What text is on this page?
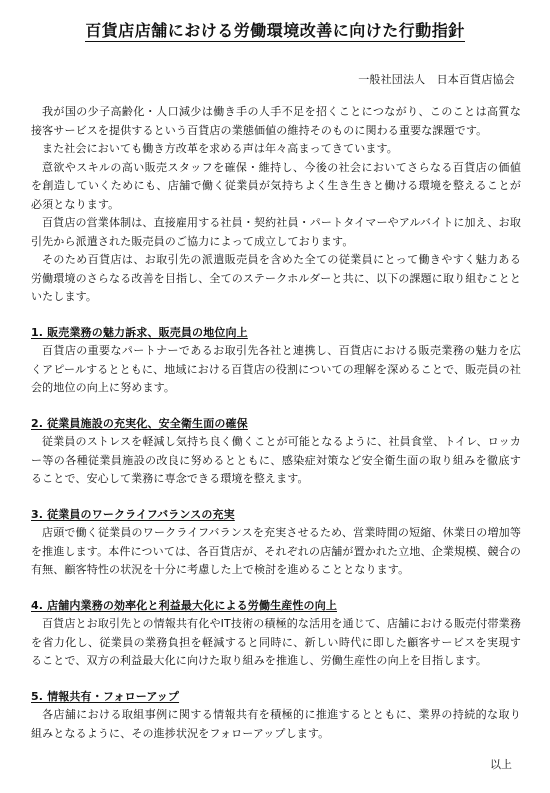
百貨店店舗における労働環境改善に向けた行動指針
一般社団法人　日本百貨店協会

我が国の少子高齢化・人口減少は働き手の人手不足を招くことにつながり、このことは高質な接客サービスを提供するという百貨店の業態価値の維持そのものに関わる重要な課題です。

また社会においても働き方改革を求める声は年々高まってきています。

意欲やスキルの高い販売スタッフを確保・維持し、今後の社会においてさらなる百貨店の価値を創造していくためにも、店舗で働く従業員が気持ちよく生き生きと働ける環境を整えることが必須となります。

百貨店の営業体制は、直接雇用する社員・契約社員・パートタイマーやアルバイトに加え、お取引先から派遣された販売員のご協力によって成立しております。

そのため百貨店は、お取引先の派遣販売員を含めた全ての従業員にとって働きやすく魅力ある労働環境のさらなる改善を目指し、全てのステークホルダーと共に、以下の課題に取り組むことといたします。

1. 販売業務の魅力訴求、販売員の地位向上

百貨店の重要なパートナーであるお取引先各社と連携し、百貨店における販売業務の魅力を広くアピールするとともに、地域における百貨店の役割についての理解を深めることで、販売員の社会的地位の向上に努めます。

2. 従業員施設の充実化、安全衛生面の確保

従業員のストレスを軽減し気持ち良く働くことが可能となるように、社員食堂、トイレ、ロッカー等の各種従業員施設の改良に努めるとともに、感染症対策など安全衛生面の取り組みを徹底することで、安心して業務に専念できる環境を整えます。

3. 従業員のワークライフバランスの充実

店頭で働く従業員のワークライフバランスを充実させるため、営業時間の短縮、休業日の増加等を推進します。本件については、各百貨店が、それぞれの店舗が置かれた立地、企業規模、競合の有無、顧客特性の状況を十分に考慮した上で検討を進めることとなります。

4. 店舗内業務の効率化と利益最大化による労働生産性の向上

百貨店とお取引先との情報共有化やIT技術の積極的な活用を通じて、店舗における販売付帯業務を省力化し、従業員の業務負担を軽減すると同時に、新しい時代に即した顧客サービスを実現することで、双方の利益最大化に向けた取り組みを推進し、労働生産性の向上を目指します。

5. 情報共有・フォローアップ

各店舗における取組事例に関する情報共有を積極的に推進するとともに、業界の持続的な取り組みとなるように、その進捗状況をフォローアップします。

以上
